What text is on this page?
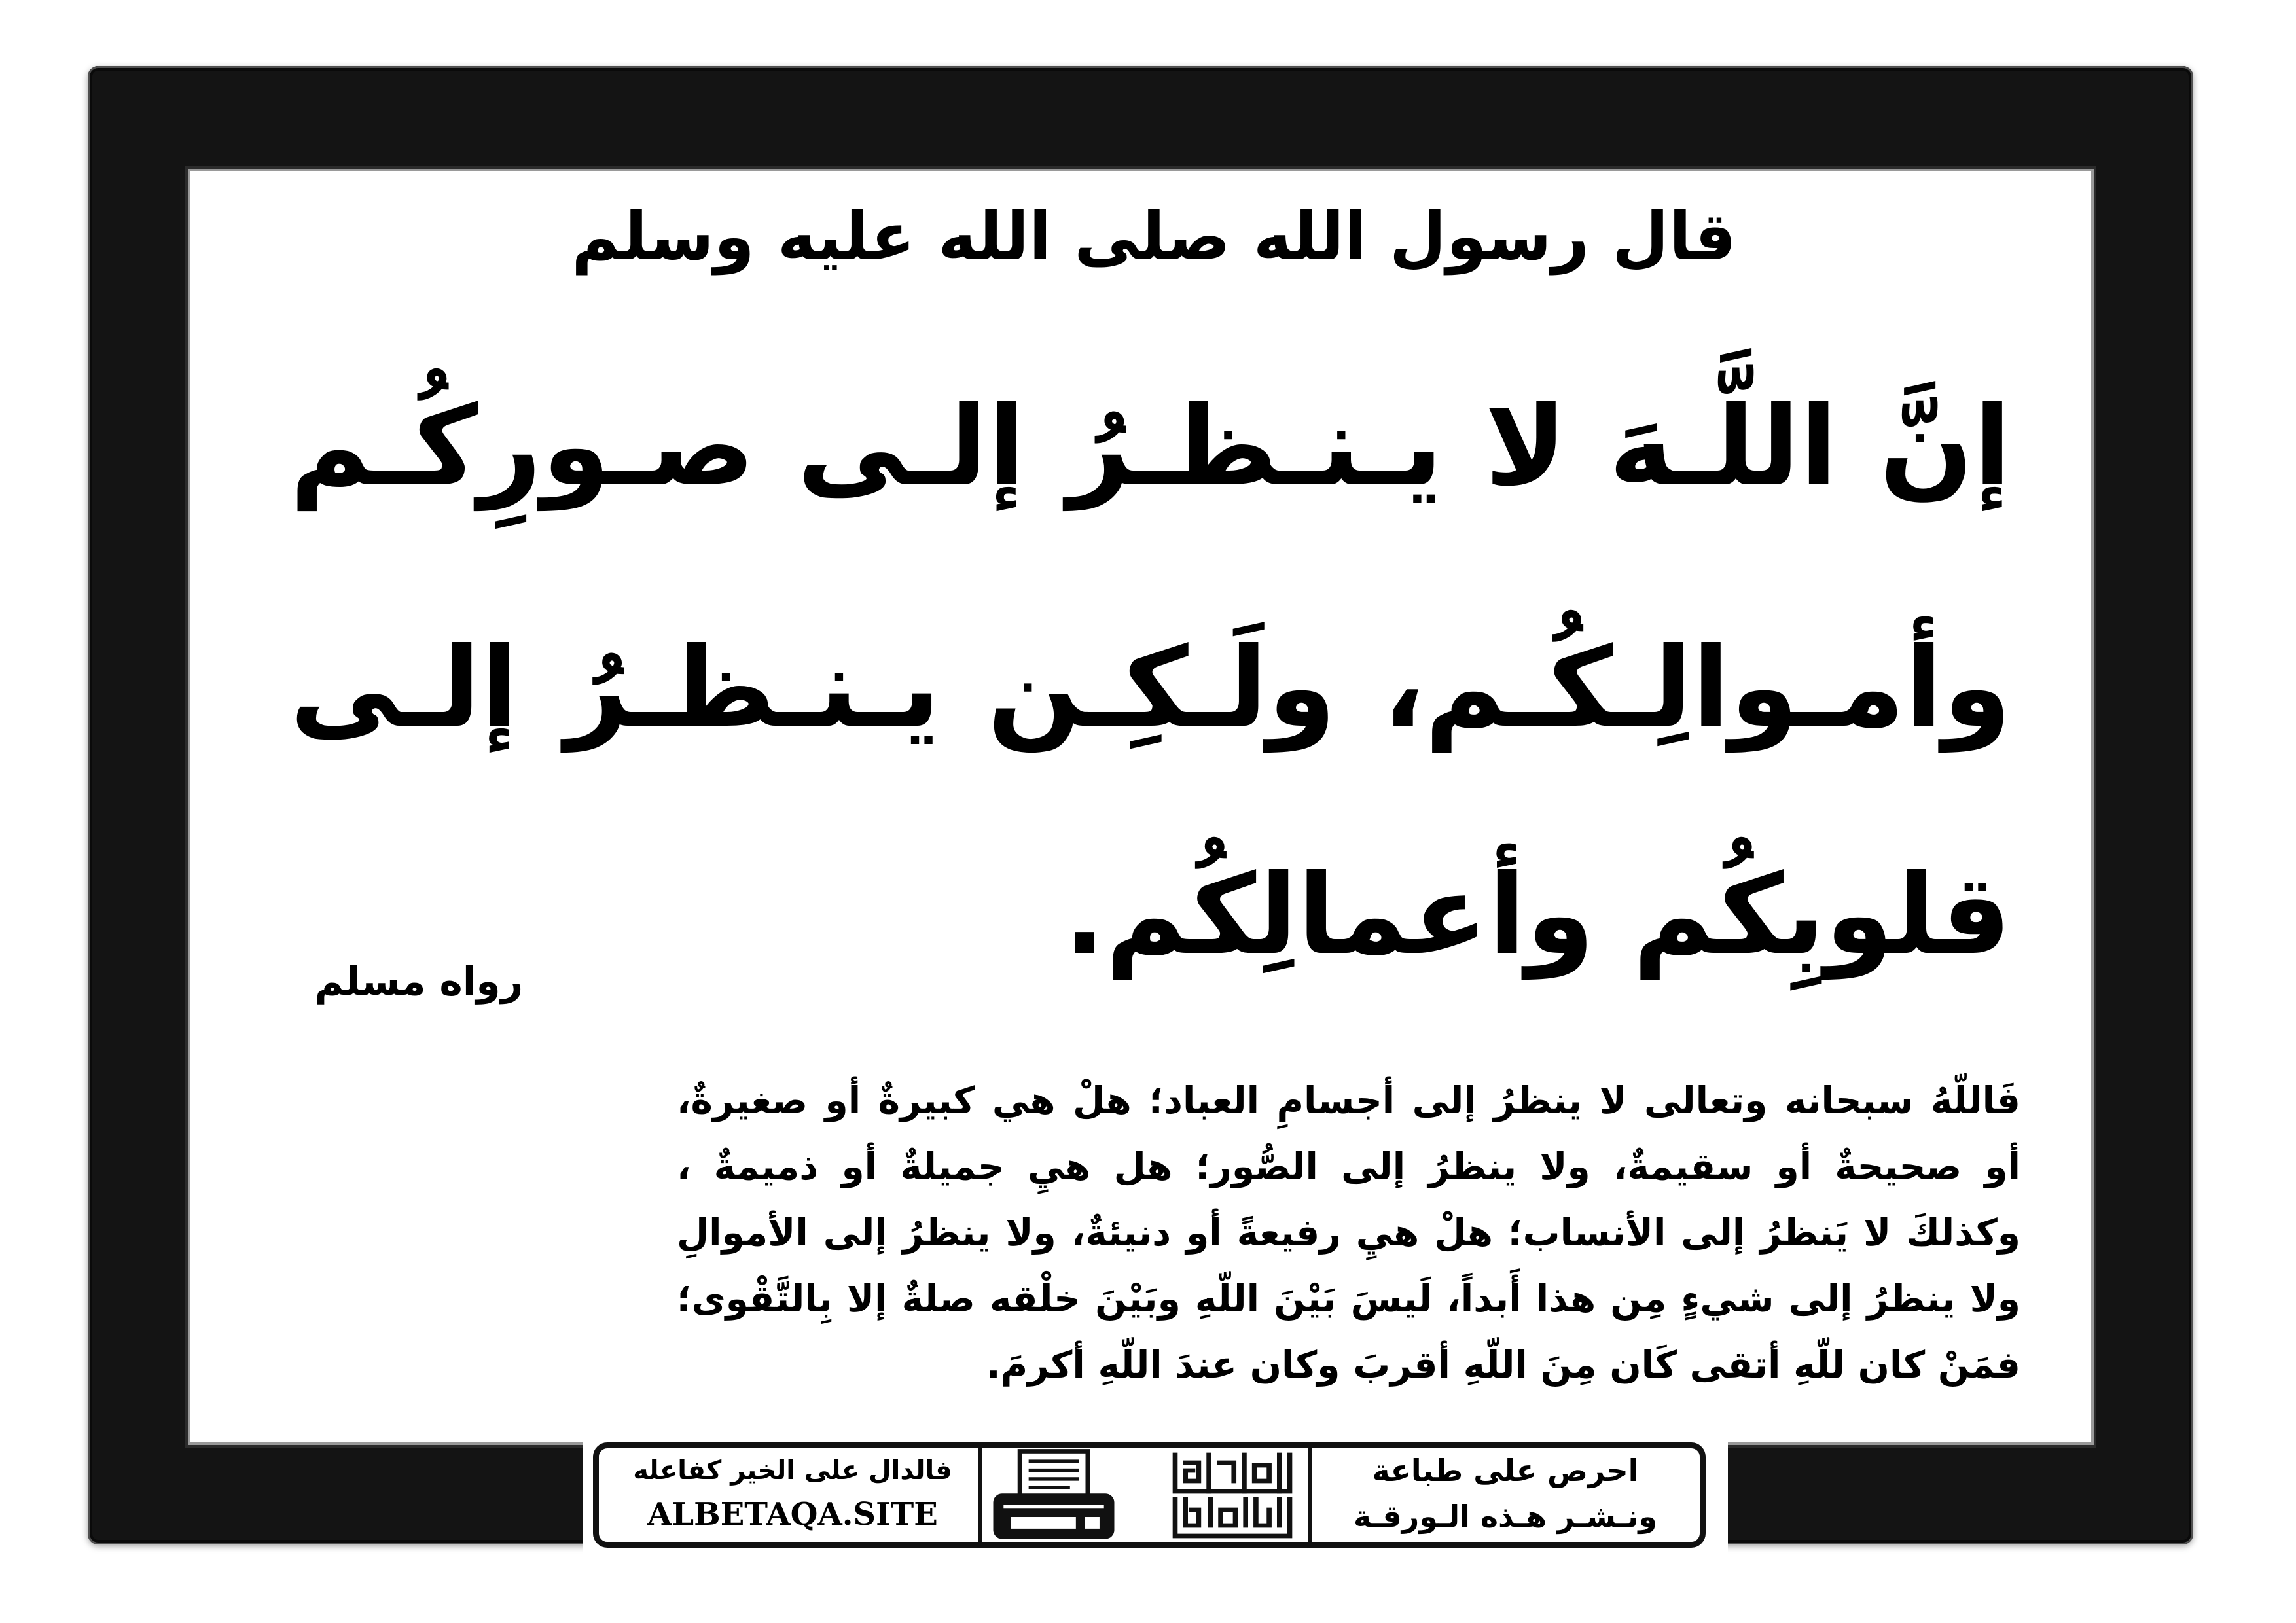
قال رسول الله صلى الله عليه وسلم
إنَّ اللَّـهَ لا يـنـظـرُ إلـى صـورِكُـم
وأمـوالِـكُـم، ولَـكِـن يـنـظـرُ إلـى
قلوبِكُم وأعمالِكُم.
رواه مسلم
فَاللّهُ سبحانه وتعالى لا ينظرُ إلى أجسامِ العباد؛ هلْ هي كبيرةٌ أو صغيرةٌ،
أو صحيحةٌ أو سقيمةٌ، ولا ينظرُ إلى الصُّور؛ هل هيِ جميلةٌ أو ذميمةٌ ،
وكذلكَ لا يَنظرُ إلى الأنساب؛ هلْ هيِ رفيعةً أو دنيئةٌ، ولا ينظرُ إلى الأموالِ
ولا ينظرُ إلى شيءٍ مِن هذا أَبداً، لَيسَ بَيْنَ اللّهِ وبَيْنَ خلْقه صلةٌ إلا بِالتَّقْوى؛
فمَنْ كان للّهِ أتقى كَان مِنَ اللّهِ أقربَ وكان عندَ اللّهِ أكرمَ.
فالدال على الخير كفاعله
ALBETAQA.SITE
احرص على طباعة
ونـشـر هـذه الـورقـة
